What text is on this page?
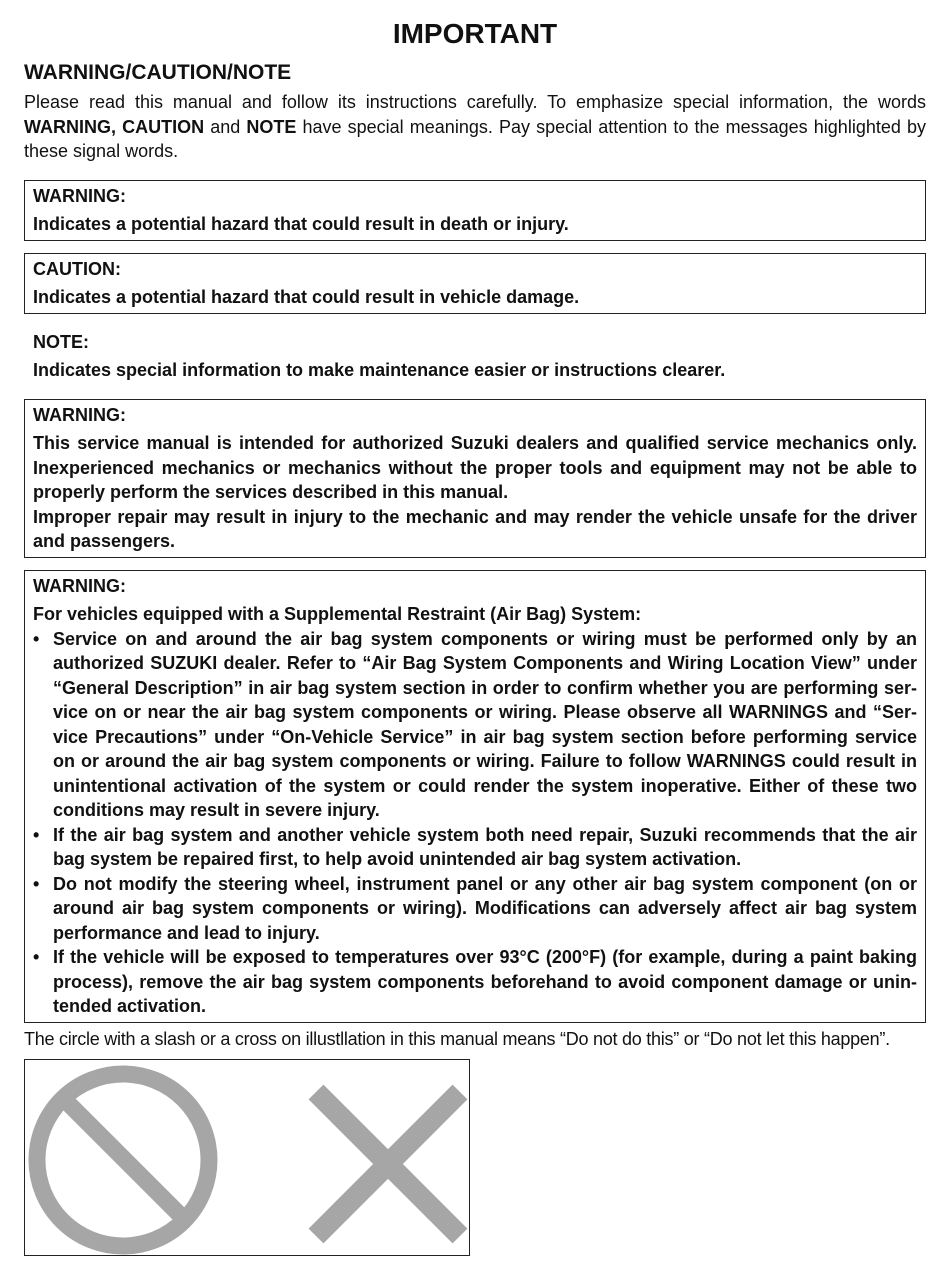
IMPORTANT
WARNING/CAUTION/NOTE

Please read this manual and follow its instructions carefully. To emphasize special information, the words WARNING, CAUTION and NOTE have special meanings. Pay special attention to the messages highlighted by these signal words.

WARNING:

Indicates a potential hazard that could result in death or injury.

CAUTION:

Indicates a potential hazard that could result in vehicle damage.

NOTE:

Indicates special information to make maintenance easier or instructions clearer.

WARNING:

This service manual is intended for authorized Suzuki dealers and qualified service mechanics only. Inexperienced mechanics or mechanics without the proper tools and equipment may not be able to properly perform the services described in this manual.

Improper repair may result in injury to the mechanic and may render the vehicle unsafe for the driver and passengers.

WARNING:

For vehicles equipped with a Supplemental Restraint (Air Bag) System:

• Service on and around the air bag system components or wiring must be performed only by an authorized SUZUKI dealer. Refer to “Air Bag System Components and Wiring Location View” under “General Description” in air bag system section in order to confirm whether you are performing service on or near the air bag system components or wiring. Please observe all WARNINGS and “Service Precautions” under “On-Vehicle Service” in air bag system section before performing service on or around the air bag system components or wiring. Failure to follow WARNINGS could result in unintentional activation of the system or could render the system inoperative. Either of these two conditions may result in severe injury.
• If the air bag system and another vehicle system both need repair, Suzuki recommends that the air bag system be repaired first, to help avoid unintended air bag system activation.
• Do not modify the steering wheel, instrument panel or any other air bag system component (on or around air bag system components or wiring). Modifications can adversely affect air bag system performance and lead to injury.
• If the vehicle will be exposed to temperatures over 93°C (200°F) (for example, during a paint baking process), remove the air bag system components beforehand to avoid component damage or unintended activation.

The circle with a slash or a cross on illustllation in this manual means “Do not do this” or “Do not let this happen”.
